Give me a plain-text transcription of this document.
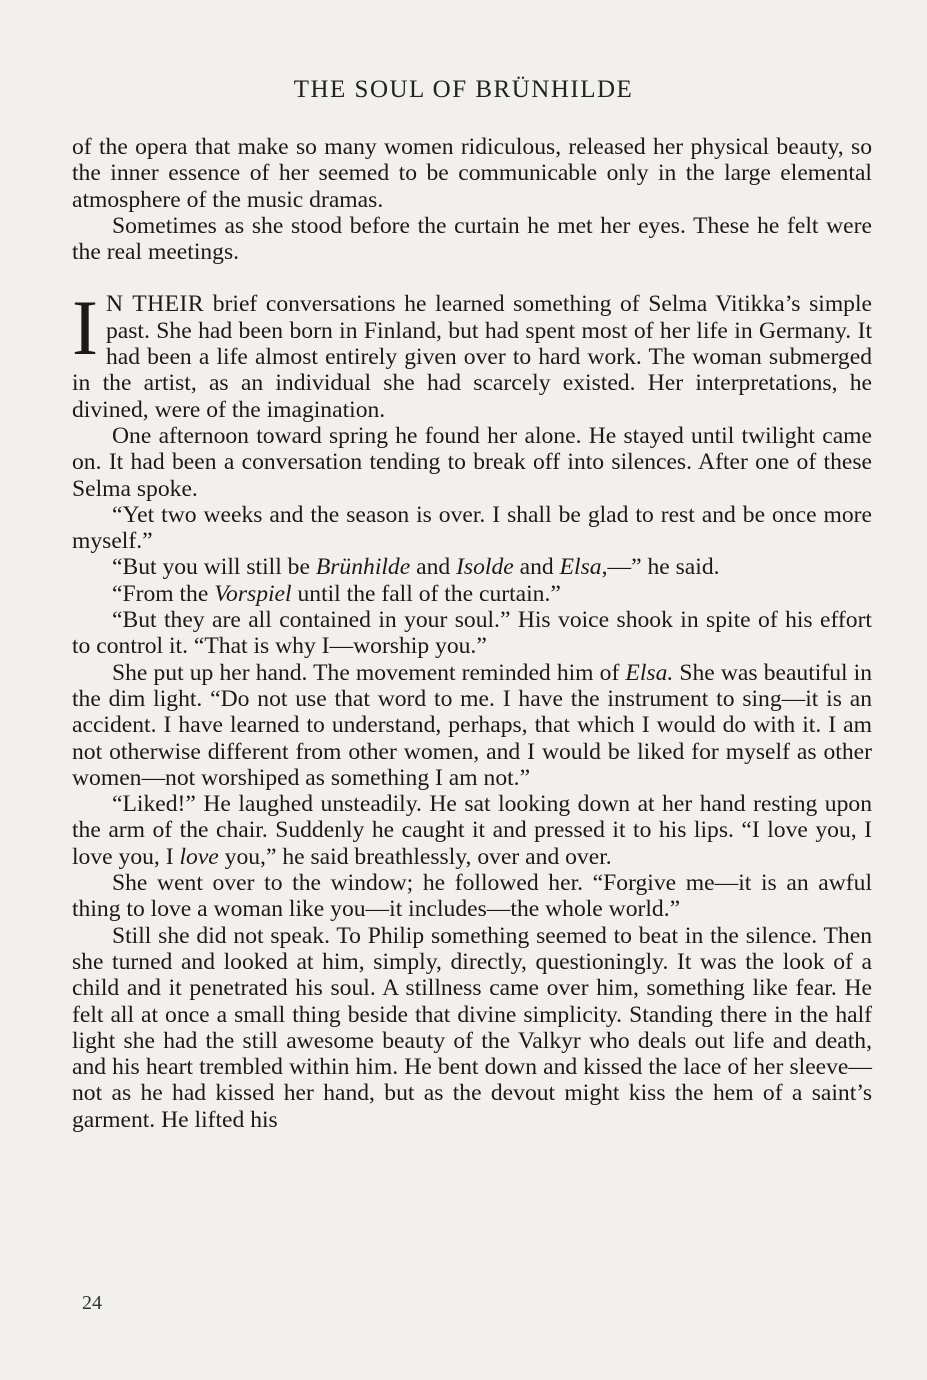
THE SOUL OF BRÜNHILDE

of the opera that make so many women ridiculous, released her physical beauty, so the inner essence of her seemed to be communicable only in the large elemental atmosphere of the music dramas.

Sometimes as she stood before the curtain he met her eyes. These he felt were the real meetings.

I N THEIR brief conversations he learned something of Selma Vitikka’s simple past. She had been born in Finland, but had spent most of her life in Germany. It had been a life almost entirely given over to hard work. The woman submerged in the artist, as an individual she had scarcely existed. Her interpretations, he divined, were of the imagination.

One afternoon toward spring he found her alone. He stayed until twilight came on. It had been a conversation tending to break off into silences. After one of these Selma spoke.

“Yet two weeks and the season is over. I shall be glad to rest and be once more myself.”

“But you will still be Brünhilde and Isolde and Elsa,—” he said.

“From the Vorspiel until the fall of the curtain.”

“But they are all contained in your soul.” His voice shook in spite of his effort to control it. “That is why I—worship you.”

She put up her hand. The movement reminded him of Elsa. She was beautiful in the dim light. “Do not use that word to me. I have the instrument to sing—it is an accident. I have learned to understand, perhaps, that which I would do with it. I am not otherwise different from other women, and I would be liked for myself as other women—not worshiped as something I am not.”

“Liked!” He laughed unsteadily. He sat looking down at her hand resting upon the arm of the chair. Suddenly he caught it and pressed it to his lips. “I love you, I love you, I love you,” he said breathlessly, over and over.

She went over to the window; he followed her. “Forgive me—it is an awful thing to love a woman like you—it includes—the whole world.”

Still she did not speak. To Philip something seemed to beat in the silence. Then she turned and looked at him, simply, directly, questioningly. It was the look of a child and it penetrated his soul. A stillness came over him, something like fear. He felt all at once a small thing beside that divine simplicity. Standing there in the half light she had the still awesome beauty of the Valkyr who deals out life and death, and his heart trembled within him. He bent down and kissed the lace of her sleeve—not as he had kissed her hand, but as the devout might kiss the hem of a saint’s garment. He lifted his

24
